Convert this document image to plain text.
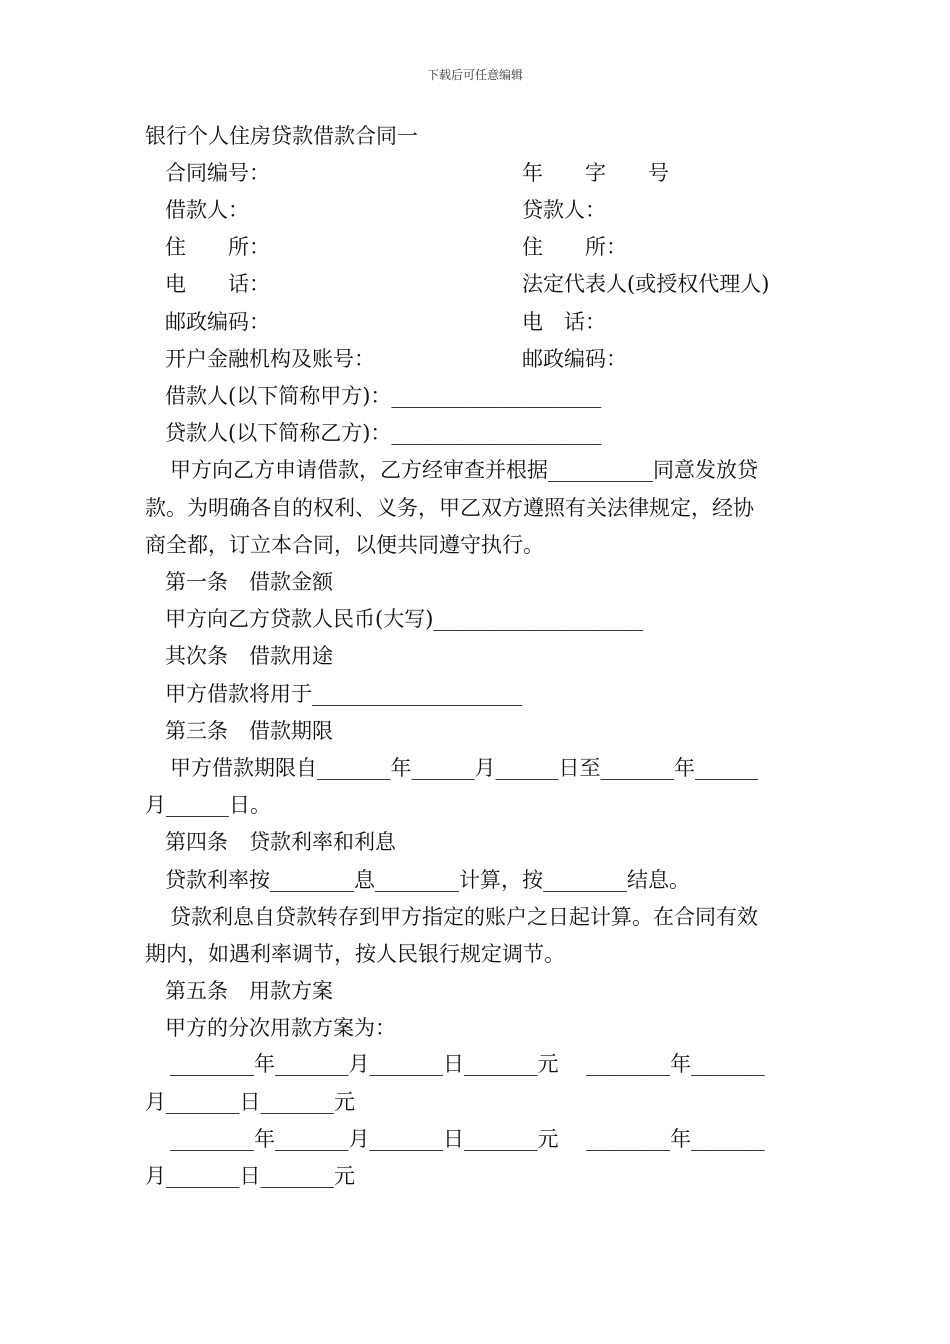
下载后可任意编辑
银行个人住房贷款借款合同一
合同编号：	年　　字　　号
借款人：	贷款人：
住　　所：	住　　所：
电　　话：	法定代表人(或授权代理人)
邮政编码：	电　话：
开户金融机构及账号：	邮政编码：
借款人(以下简称甲方)：____________________
贷款人(以下简称乙方)：____________________
甲方向乙方申请借款，乙方经审查并根据__________同意发放贷
款。为明确各自的权利、义务，甲乙双方遵照有关法律规定，经协
商全都，订立本合同，以便共同遵守执行。
第一条　借款金额
甲方向乙方贷款人民币(大写)____________________
其次条　借款用途
甲方借款将用于____________________
第三条　借款期限
甲方借款期限自_______年______月______日至_______年______
月______日。
第四条　贷款利率和利息
贷款利率按________息________计算，按________结息。
贷款利息自贷款转存到甲方指定的账户之日起计算。在合同有效
期内，如遇利率调节，按人民银行规定调节。
第五条　用款方案
甲方的分次用款方案为：
________年_______月_______日_______元　 ________年_______
月_______日_______元
________年_______月_______日_______元　 ________年_______
月_______日_______元
